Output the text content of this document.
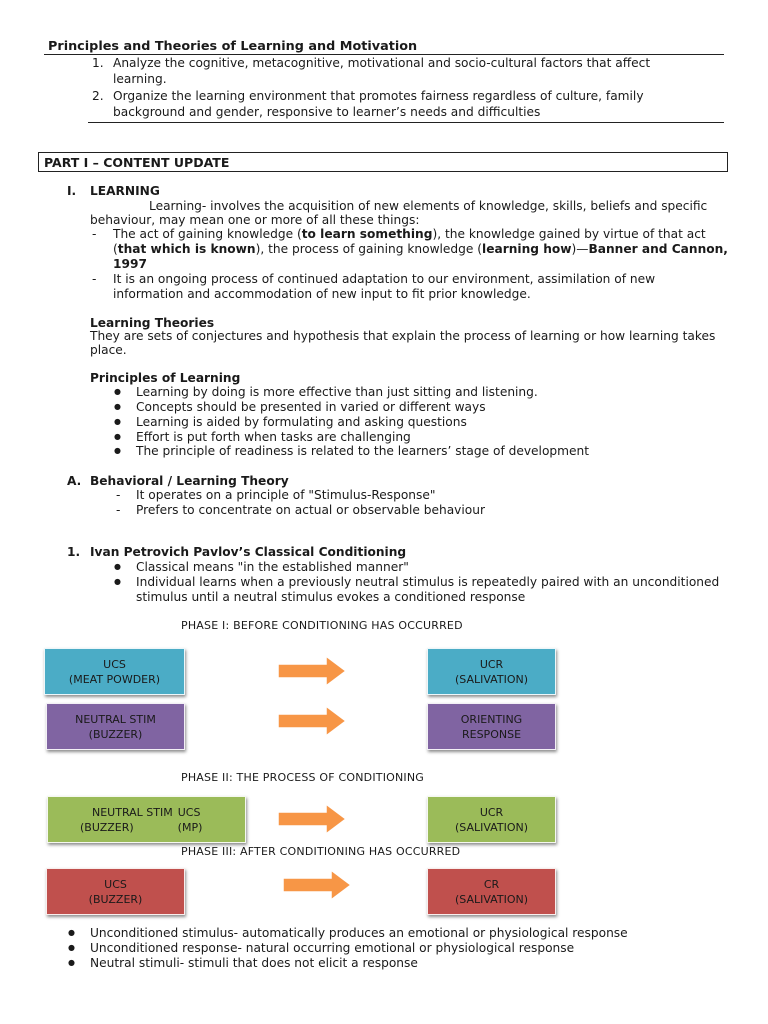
Principles and Theories of Learning and Motivation
1. Analyze the cognitive, metacognitive, motivational and socio-cultural factors that affect
learning.
2. Organize the learning environment that promotes fairness regardless of culture, family
background and gender, responsive to learner’s needs and difficulties
PART I – CONTENT UPDATE
I. LEARNING
Learning- involves the acquisition of new elements of knowledge, skills, beliefs and specific
behaviour, may mean one or more of all these things:
- The act of gaining knowledge (to learn something), the knowledge gained by virtue of that act
(that which is known), the process of gaining knowledge (learning how)—Banner and Cannon,
1997
- It is an ongoing process of continued adaptation to our environment, assimilation of new
information and accommodation of new input to fit prior knowledge.
Learning Theories
They are sets of conjectures and hypothesis that explain the process of learning or how learning takes
place.
Principles of Learning
●
Learning by doing is more effective than just sitting and listening.
●
Concepts should be presented in varied or different ways
●
Learning is aided by formulating and asking questions
●
Effort is put forth when tasks are challenging
●
The principle of readiness is related to the learners’ stage of development
A. Behavioral / Learning Theory
- It operates on a principle of "Stimulus-Response"
- Prefers to concentrate on actual or observable behaviour
1. Ivan Petrovich Pavlov’s Classical Conditioning
●
Classical means "in the established manner"
●
Individual learns when a previously neutral stimulus is repeatedly paired with an unconditioned
stimulus until a neutral stimulus evokes a conditioned response
PHASE I: BEFORE CONDITIONING HAS OCCURRED
UCS
(MEAT POWDER)
UCR
(SALIVATION)
NEUTRAL STIM
(BUZZER)
ORIENTING
RESPONSE
PHASE II: THE PROCESS OF CONDITIONING
NEUTRAL STIM UCS
(BUZZER)	(MP)
UCR
(SALIVATION)
PHASE III: AFTER CONDITIONING HAS OCCURRED
UCS
(BUZZER)
CR
(SALIVATION)
●
Unconditioned stimulus- automatically produces an emotional or physiological response
●
Unconditioned response- natural occurring emotional or physiological response
●
Neutral stimuli- stimuli that does not elicit a response
